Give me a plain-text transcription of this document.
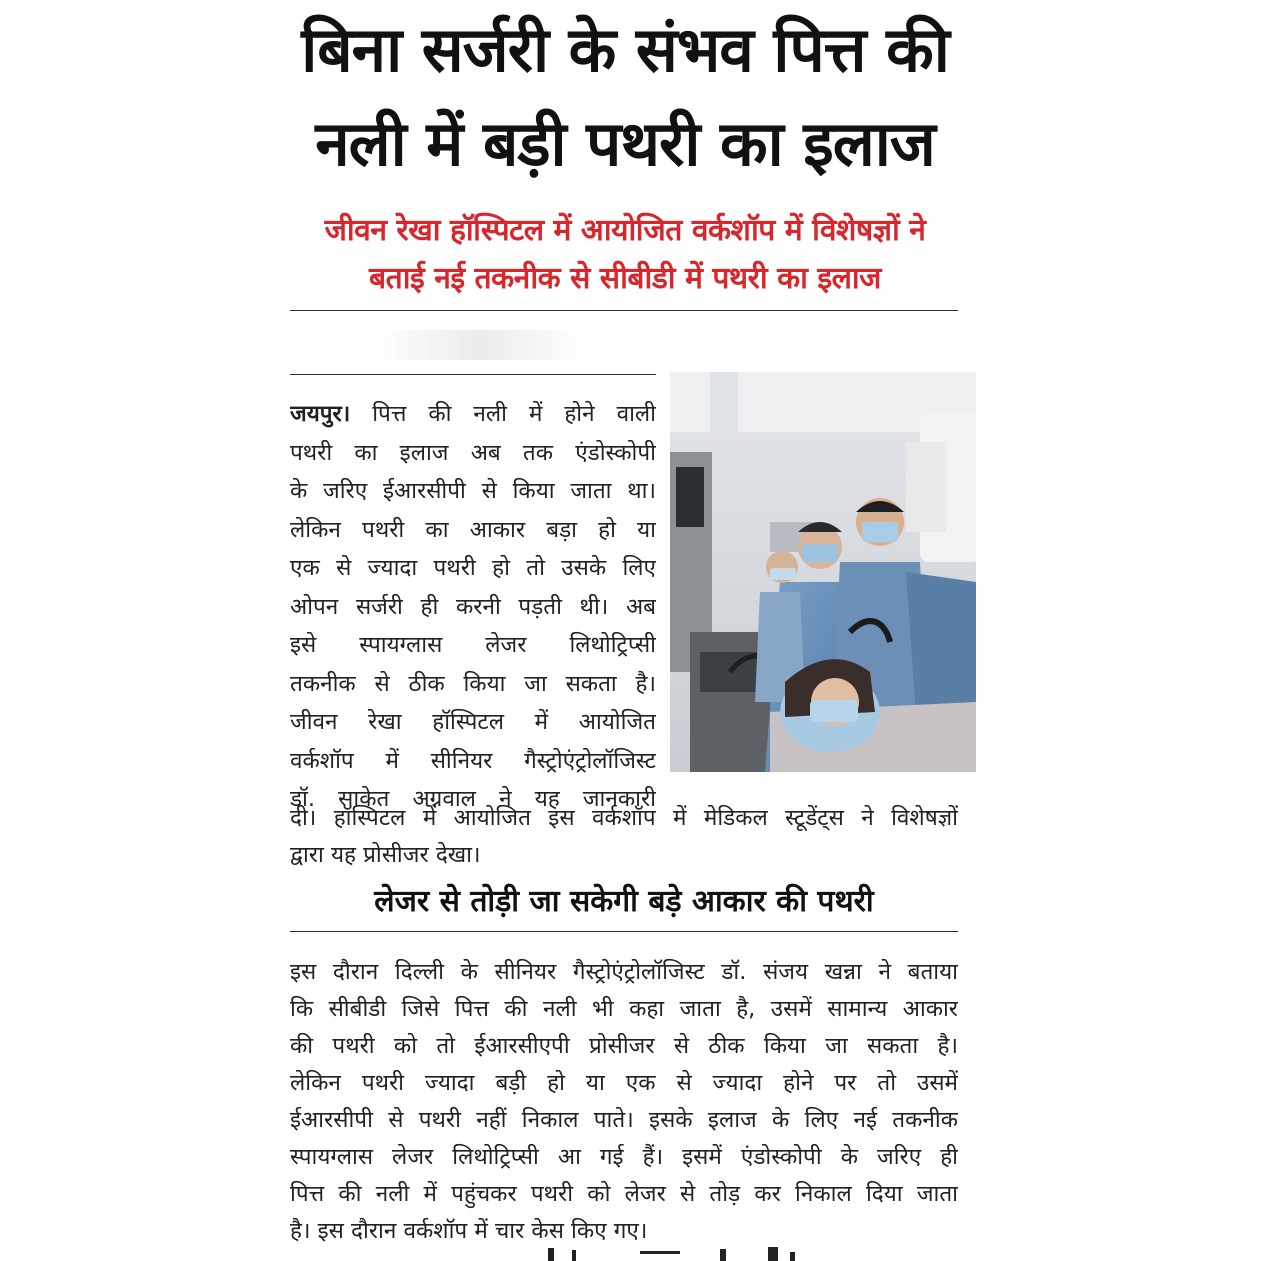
बिना सर्जरी के संभव पित्त की
नली में बड़ी पथरी का इलाज
जीवन रेखा हॉस्पिटल में आयोजित वर्कशॉप में विशेषज्ञों ने
बताई नई तकनीक से सीबीडी में पथरी का इलाज
जयपुर। पित्त की नली में होने वाली
पथरी का इलाज अब तक एंडोस्कोपी
के जरिए ईआरसीपी से किया जाता था।
लेकिन पथरी का आकार बड़ा हो या
एक से ज्यादा पथरी हो तो उसके लिए
ओपन सर्जरी ही करनी पड़ती थी। अब
इसे स्पायग्लास लेजर लिथोट्रिप्सी
तकनीक से ठीक किया जा सकता है।
जीवन रेखा हॉस्पिटल में आयोजित
वर्कशॉप में सीनियर गैस्ट्रोएंट्रोलॉजिस्ट
डॉ. साकेत अग्रवाल ने यह जानकारी
दी। हॉस्पिटल में आयोजित इस वर्कशॉप में मेडिकल स्टूडेंट्स ने विशेषज्ञों
द्वारा यह प्रोसीजर देखा।
लेजर से तोड़ी जा सकेगी बड़े आकार की पथरी
इस दौरान दिल्ली के सीनियर गैस्ट्रोएंट्रोलॉजिस्ट डॉ. संजय खन्ना ने बताया
कि सीबीडी जिसे पित्त की नली भी कहा जाता है, उसमें सामान्य आकार
की पथरी को तो ईआरसीएपी प्रोसीजर से ठीक किया जा सकता है।
लेकिन पथरी ज्यादा बड़ी हो या एक से ज्यादा होने पर तो उसमें
ईआरसीपी से पथरी नहीं निकाल पाते। इसके इलाज के लिए नई तकनीक
स्पायग्लास लेजर लिथोट्रिप्सी आ गई हैं। इसमें एंडोस्कोपी के जरिए ही
पित्त की नली में पहुंचकर पथरी को लेजर से तोड़ कर निकाल दिया जाता
है। इस दौरान वर्कशॉप में चार केस किए गए।
